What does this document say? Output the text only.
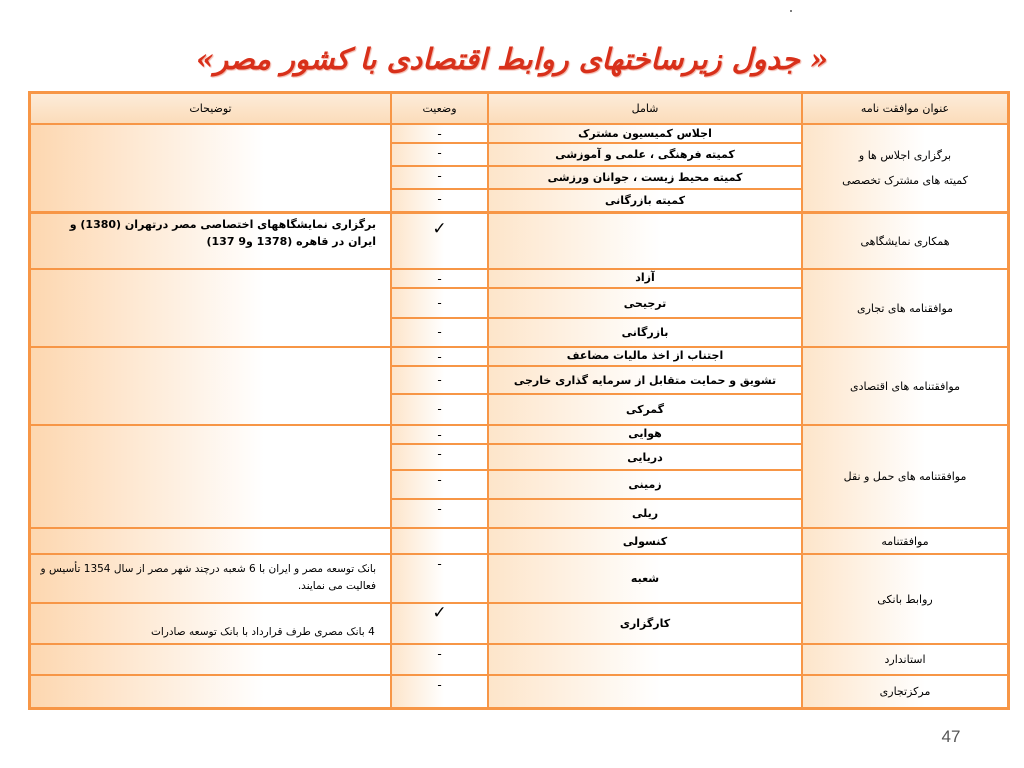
« جدول زیرساختهای روابط اقتصادی با کشور مصر»
عنوان موافقت نامه
شامل
وضعیت
توضیحات
برگزاری اجلاس ها و
کمیته های مشترک تخصصی
اجلاس کمیسیون مشترک
کمیته فرهنگی ، علمی و آموزشی
کمیته محیط زیست ، جوانان ورزشی
کمیته بازرگانی
-
-
-
-
همکاری نمایشگاهی
✓
برگزاری نمایشگاههای اختصاصی مصر درتهران (1380) و
ایران در قاهره (1378 و9 137)
موافقنامه های تجاری
آزاد
ترجیحی
بازرگانی
-
-
-
موافقتنامه های اقتصادی
اجتناب از اخذ مالیات مضاعف
تشویق و حمایت متقابل از سرمایه گذاری خارجی
گمرکی
-
-
-
موافقتنامه های حمل و نقل
هوایی
دریایی
زمینی
ریلی
-
-
-
-
موافقتنامه
کنسولی
روابط بانکی
شعبه
-
بانک توسعه مصر و ایران با 6 شعبه درچند شهر مصر از سال 1354 تأسیس و
فعالیت می نمایند.
کارگزاری
✓
4 بانک مصری طرف قرارداد با بانک توسعه صادرات
استاندارد
-
مرکزتجاری
-
47
